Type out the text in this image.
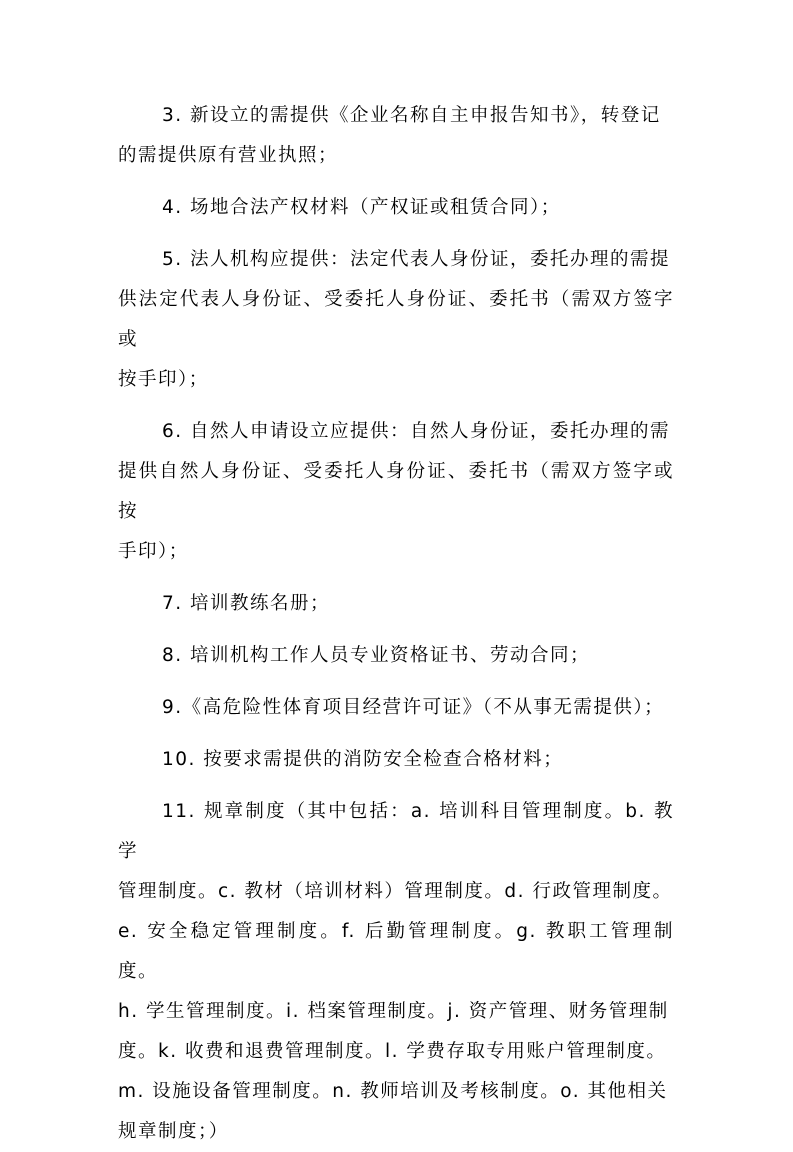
3. 新设立的需提供《企业名称自主申报告知书》，转登记
的需提供原有营业执照；

4. 场地合法产权材料（产权证或租赁合同）；

5. 法人机构应提供：法定代表人身份证，委托办理的需提
供法定代表人身份证、受委托人身份证、委托书（需双方签字或
按手印）；

6. 自然人申请设立应提供：自然人身份证，委托办理的需
提供自然人身份证、受委托人身份证、委托书（需双方签字或按
手印）；

7. 培训教练名册；

8. 培训机构工作人员专业资格证书、劳动合同；

9.《高危险性体育项目经营许可证》（不从事无需提供）；

10. 按要求需提供的消防安全检查合格材料；

11. 规章制度（其中包括：a. 培训科目管理制度。b. 教学
管理制度。c. 教材（培训材料）管理制度。d. 行政管理制度。
e. 安全稳定管理制度。f. 后勤管理制度。g. 教职工管理制度。
h. 学生管理制度。i. 档案管理制度。j. 资产管理、财务管理制
度。k. 收费和退费管理制度。l. 学费存取专用账户管理制度。
m. 设施设备管理制度。n. 教师培训及考核制度。o. 其他相关
规章制度；）
